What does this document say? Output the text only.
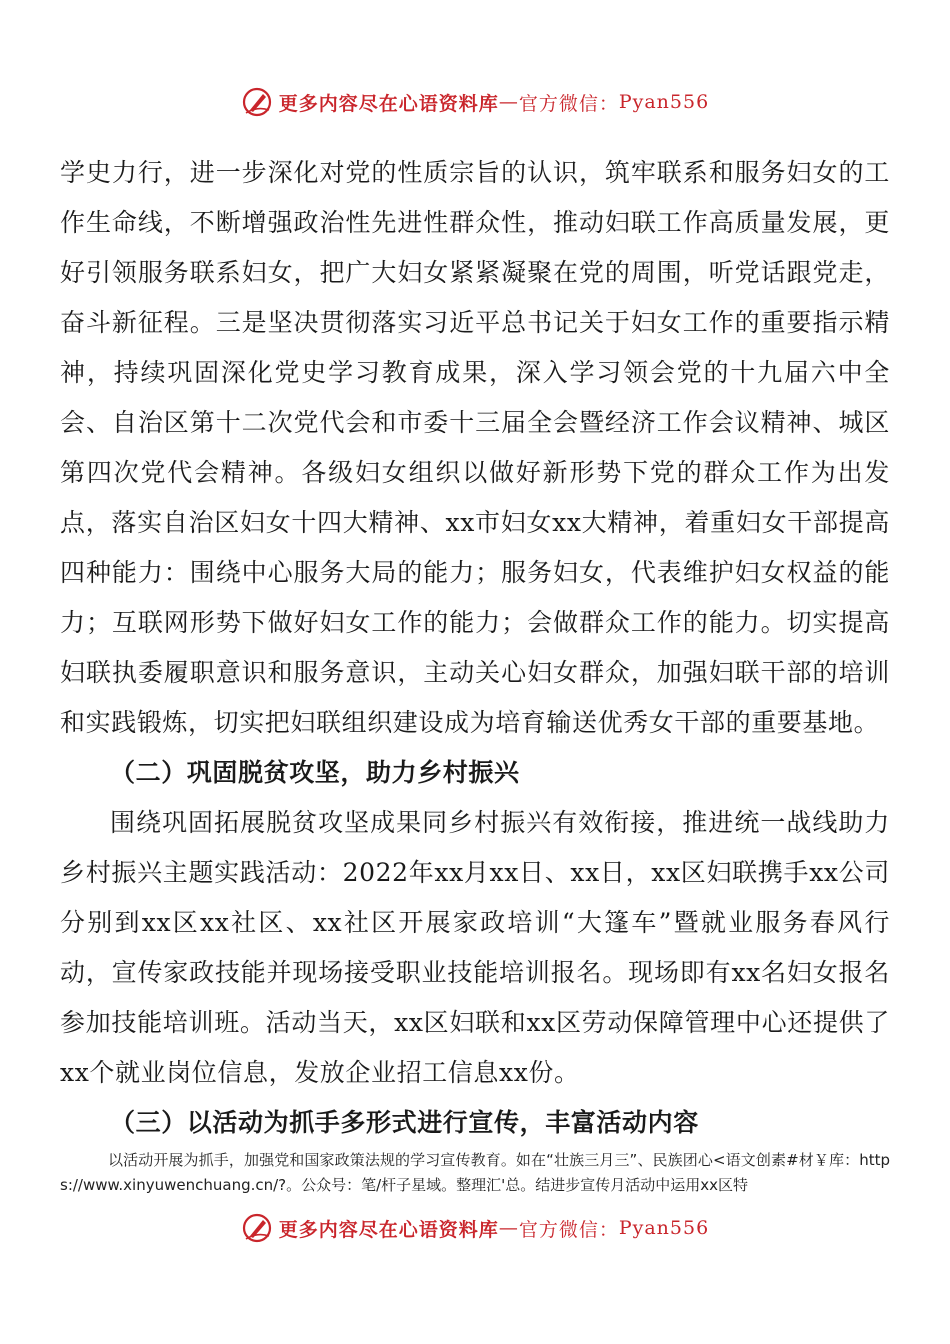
更多内容尽在心语资料库 — 官方微信： Pyan556

学史力行，进一步深化对党的性质宗旨的认识，筑牢联系和服务妇女的工作生命线，不断增强政治性先进性群众性，推动妇联工作高质量发展，更好引领服务联系妇女，把广大妇女紧紧凝聚在党的周围，听党话跟党走，奋斗新征程。三是坚决贯彻落实习近平总书记关于妇女工作的重要指示精神，持续巩固深化党史学习教育成果，深入学习领会党的十九届六中全会、自治区第十二次党代会和市委十三届全会暨经济工作会议精神、城区第四次党代会精神。各级妇女组织以做好新形势下党的群众工作为出发点，落实自治区妇女十四大精神、xx市妇女xx大精神，着重妇女干部提高四种能力：围绕中心服务大局的能力；服务妇女，代表维护妇女权益的能力；互联网形势下做好妇女工作的能力；会做群众工作的能力。切实提高妇联执委履职意识和服务意识，主动关心妇女群众，加强妇联干部的培训和实践锻炼，切实把妇联组织建设成为培育输送优秀女干部的重要基地。

（二）巩固脱贫攻坚，助力乡村振兴

围绕巩固拓展脱贫攻坚成果同乡村振兴有效衔接，推进统一战线助力乡村振兴主题实践活动：2022年xx月xx日、xx日，xx区妇联携手xx公司分别到xx区xx社区、xx社区开展家政培训“大篷车”暨就业服务春风行动，宣传家政技能并现场接受职业技能培训报名。现场即有xx名妇女报名参加技能培训班。活动当天，xx区妇联和xx区劳动保障管理中心还提供了xx个就业岗位信息，发放企业招工信息xx份。

（三）以活动为抓手多形式进行宣传，丰富活动内容

以活动开展为抓手，加强党和国家政策法规的学习宣传教育。如在“壮族三月三”、民族团心<语文创素#材￥库：https://www.xinyuwenchuang.cn/?。公众号：笔/杆子星域。整理汇'总。结进步宣传月活动中运用xx区特

更多内容尽在心语资料库 — 官方微信： Pyan556
